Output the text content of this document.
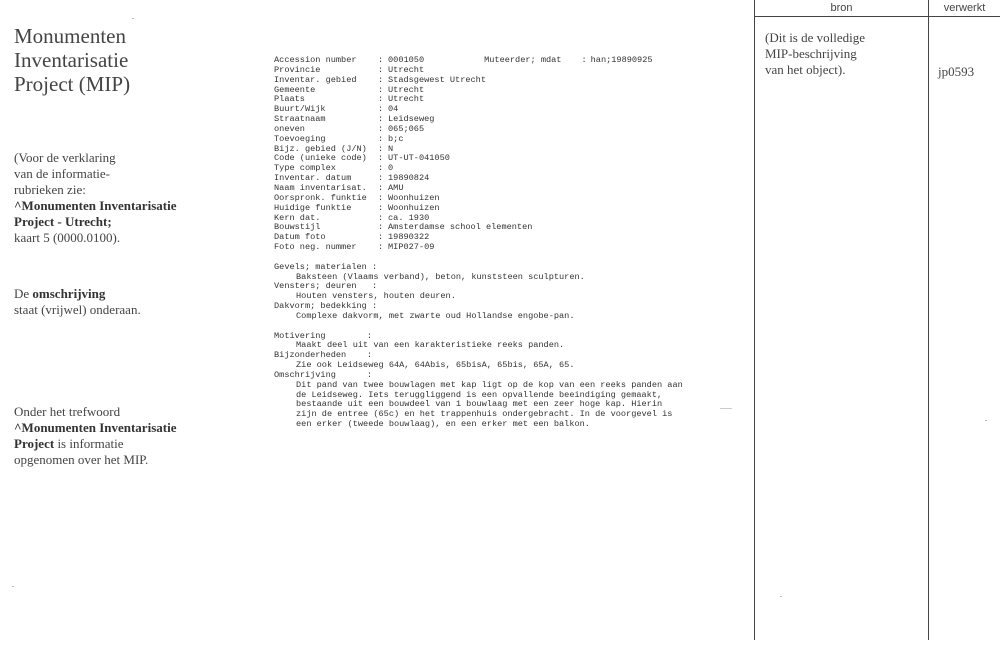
Monumenten
Inventarisatie
Project (MIP)
(Voor de verklaring
van de informatie-
rubrieken zie:
^Monumenten Inventarisatie
Project - Utrecht;
kaart 5 (0000.0100).
De omschrijving
staat (vrijwel) onderaan.
Onder het trefwoord
^Monumenten Inventarisatie
Project is informatie
opgenomen over het MIP.
Accession number	: 0001050	Muteerder; mdat : han;19890925
Provincie	: Utrecht
Inventar. gebied	: Stadsgewest Utrecht
Gemeente	: Utrecht
Plaats	: Utrecht
Buurt/Wijk	: 04
Straatnaam	: Leidseweg
oneven	: 065;065
Toevoeging	: b;c
Bijz. gebied (J/N)	: N
Code (unieke code)	: UT-UT-041050
Type complex	: 0
Inventar. datum	: 19890824
Naam inventarisat.	: AMU
Oorspronk. funktie	: Woonhuizen
Huidige funktie	: Woonhuizen
Kern dat.	: ca. 1930
Bouwstijl	: Amsterdamse school elementen
Datum foto	: 19890322
Foto neg. nummer	: MIP027-09
Gevels; materialen :
Baksteen (Vlaams verband), beton, kunststeen sculpturen.
Vensters; deuren   :
Houten vensters, houten deuren.
Dakvorm; bedekking :
Complexe dakvorm, met zwarte oud Hollandse engobe-pan.
Motivering        :
Maakt deel uit van een karakteristieke reeks panden.
Bijzonderheden    :
Zie ook Leidseweg 64A, 64Abis, 65bisA, 65bis, 65A, 65.
Omschrijving      :
Dit pand van twee bouwlagen met kap ligt op de kop van een reeks panden aan
de Leidseweg. Iets teruggliggend is een opvallende beeindiging gemaakt,
bestaande uit een bouwdeel van 1 bouwlaag met een zeer hoge kap. Hierin
zijn de entree (65c) en het trappenhuis ondergebracht. In de voorgevel is
een erker (tweede bouwlaag), en een erker met een balkon.
bron	verwerkt
(Dit is de volledige
MIP-beschrijving
van het object).	jp0593
